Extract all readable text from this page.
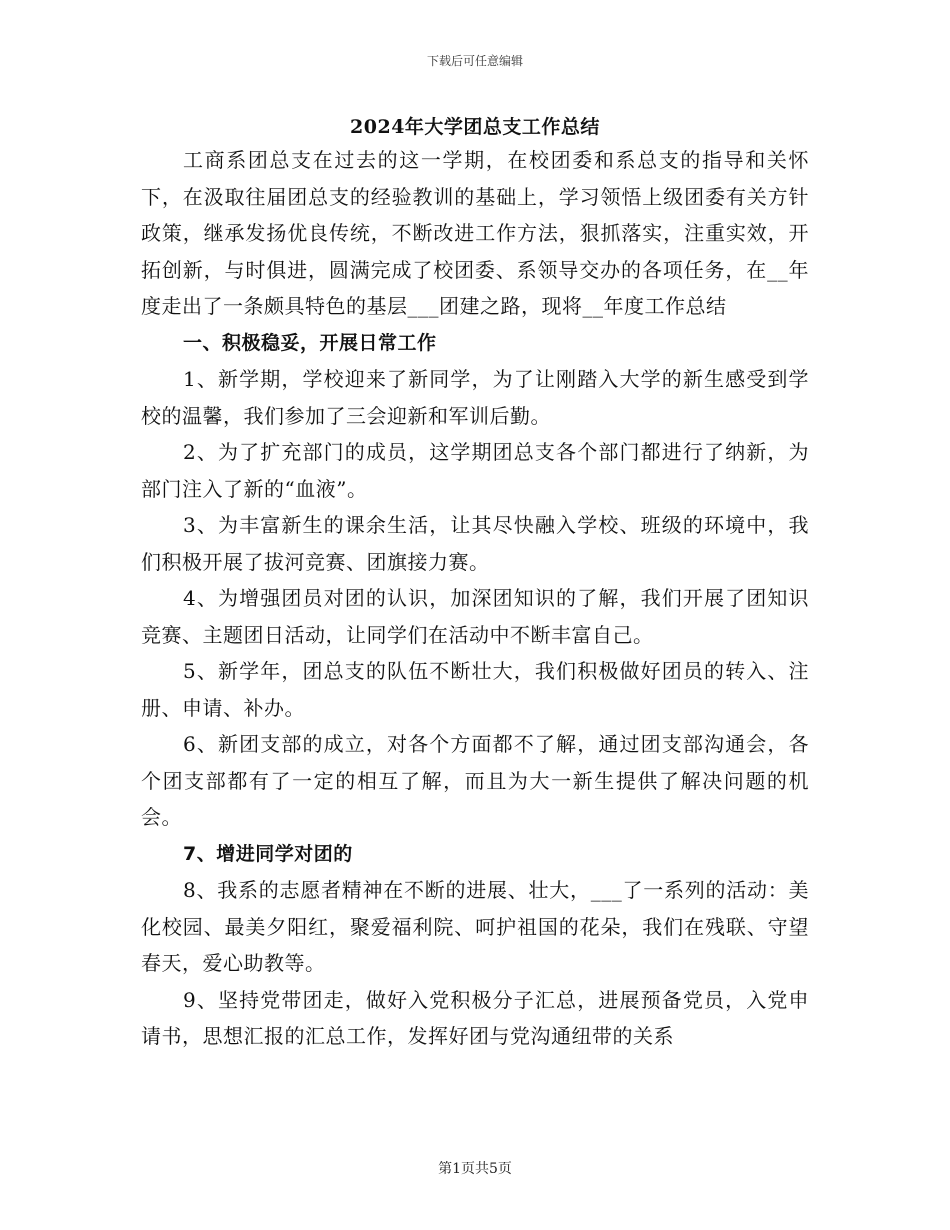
下载后可任意编辑
2024年大学团总支工作总结

工商系团总支在过去的这一学期，在校团委和系总支的指导和关怀下，在汲取往届团总支的经验教训的基础上，学习领悟上级团委有关方针政策，继承发扬优良传统，不断改进工作方法，狠抓落实，注重实效，开拓创新，与时俱进，圆满完成了校团委、系领导交办的各项任务，在__年度走出了一条颇具特色的基层___团建之路，现将__年度工作总结

一、积极稳妥，开展日常工作

1、新学期，学校迎来了新同学，为了让刚踏入大学的新生感受到学校的温馨，我们参加了三会迎新和军训后勤。

2、为了扩充部门的成员，这学期团总支各个部门都进行了纳新，为部门注入了新的“血液”。

3、为丰富新生的课余生活，让其尽快融入学校、班级的环境中，我们积极开展了拔河竞赛、团旗接力赛。

4、为增强团员对团的认识，加深团知识的了解，我们开展了团知识竞赛、主题团日活动，让同学们在活动中不断丰富自己。

5、新学年，团总支的队伍不断壮大，我们积极做好团员的转入、注册、申请、补办。

6、新团支部的成立，对各个方面都不了解，通过团支部沟通会，各个团支部都有了一定的相互了解，而且为大一新生提供了解决问题的机会。

7、增进同学对团的

8、我系的志愿者精神在不断的进展、壮大，___了一系列的活动：美化校园、最美夕阳红，聚爱福利院、呵护祖国的花朵，我们在残联、守望春天，爱心助教等。

9、坚持党带团走，做好入党积极分子汇总，进展预备党员，入党申请书，思想汇报的汇总工作，发挥好团与党沟通纽带的关系

第1页共5页
